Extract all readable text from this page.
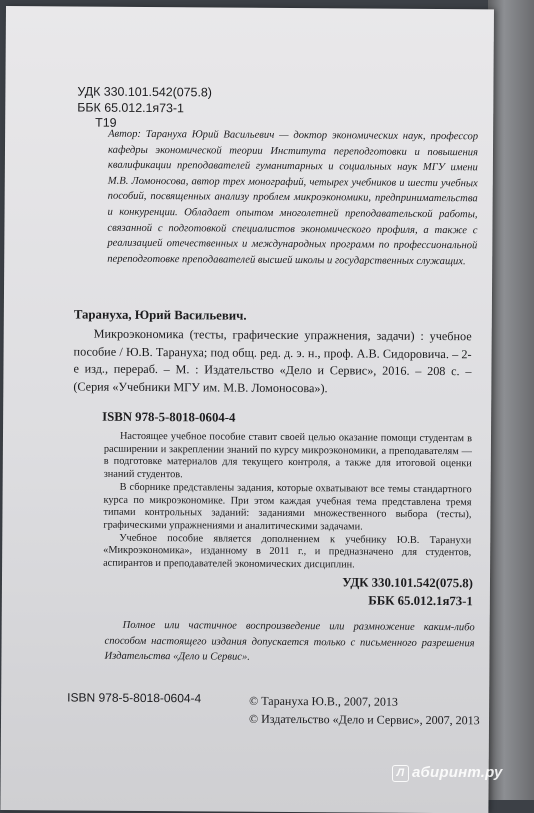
УДК 330.101.542(075.8)
ББК 65.012.1я73-1
Т19

Автор: Тарануха Юрий Васильевич — доктор экономических наук, профессор кафедры экономической теории Института переподготовки и повышения квалификации преподавателей гуманитарных и социальных наук МГУ имени М.В. Ломоносова, автор трех монографий, четырех учебников и шести учебных пособий, посвященных анализу проблем микроэкономики, предпринимательства и конкуренции. Обладает опытом многолетней преподавательской работы, связанной с подготовкой специалистов экономического профиля, а также с реализацией отечественных и международных программ по профессиональной переподготовке преподавателей высшей школы и государственных служащих.

Тарануха, Юрий Васильевич.

Микроэкономика (тесты, графические упражнения, задачи) : учебное пособие / Ю.В. Тарануха; под общ. ред. д. э. н., проф. А.В. Сидоровича. – 2-е изд., перераб. – М. : Издательство «Дело и Сервис», 2016. – 208 с. – (Серия «Учебники МГУ им. М.В. Ломоносова»).

ISBN 978-5-8018-0604-4

Настоящее учебное пособие ставит своей целью оказание помощи студентам в расширении и закреплении знаний по курсу микроэкономики, а преподавателям — в подготовке материалов для текущего контроля, а также для итоговой оценки знаний студентов.

В сборнике представлены задания, которые охватывают все темы стандартного курса по микроэкономике. При этом каждая учебная тема представлена тремя типами контрольных заданий: заданиями множественного выбора (тесты), графическими упражнениями и аналитическими задачами.

Учебное пособие является дополнением к учебнику Ю.В. Таранухи «Микроэкономика», изданному в 2011 г., и предназначено для студентов, аспирантов и преподавателей экономических дисциплин.

УДК 330.101.542(075.8)
ББК 65.012.1я73-1

Полное или частичное воспроизведение или размножение каким-либо способом настоящего издания допускается только с письменного разрешения Издательства «Дело и Сервис».

ISBN 978-5-8018-0604-4	© Тарануха Ю.В., 2007, 2013
© Издательство «Дело и Сервис», 2007, 2013
Л абиринт.ру
